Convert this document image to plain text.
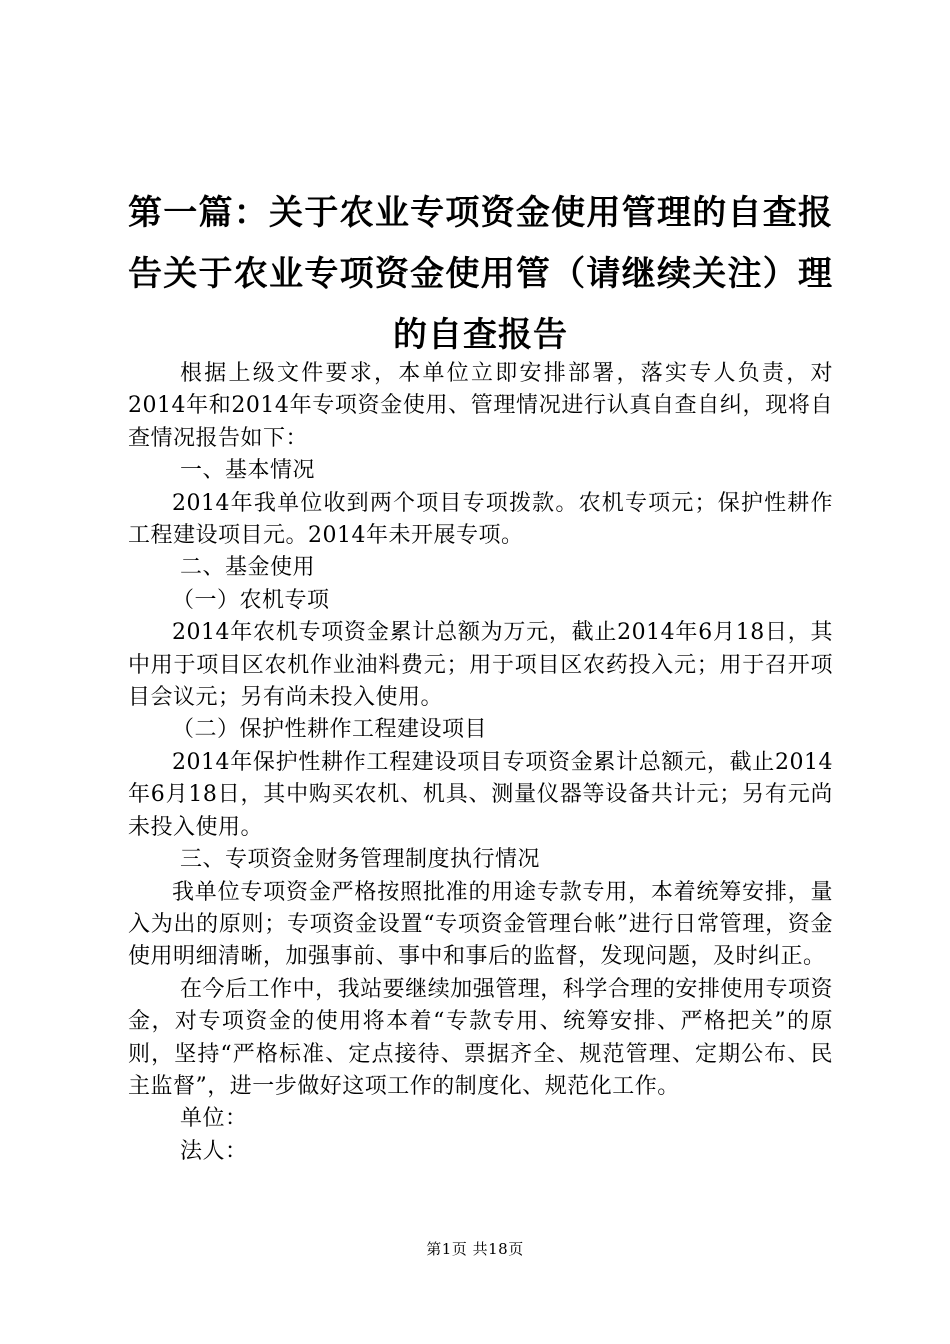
第一篇：关于农业专项资金使用管理的自查报告关于农业专项资金使用管（请继续关注）理的自查报告

根据上级文件要求，本单位立即安排部署，落实专人负责，对2014年和2014年专项资金使用、管理情况进行认真自查自纠，现将自查情况报告如下：

一、基本情况

2014年我单位收到两个项目专项拨款。农机专项元；保护性耕作工程建设项目元。2014年未开展专项。

二、基金使用

（一）农机专项

2014年农机专项资金累计总额为万元，截止2014年6月18日，其中用于项目区农机作业油料费元；用于项目区农药投入元；用于召开项目会议元；另有尚未投入使用。

（二）保护性耕作工程建设项目

2014年保护性耕作工程建设项目专项资金累计总额元，截止2014年6月18日，其中购买农机、机具、测量仪器等设备共计元；另有元尚未投入使用。

三、专项资金财务管理制度执行情况

我单位专项资金严格按照批准的用途专款专用，本着统筹安排，量入为出的原则；专项资金设置“专项资金管理台帐”进行日常管理，资金使用明细清晰，加强事前、事中和事后的监督，发现问题，及时纠正。

在今后工作中，我站要继续加强管理，科学合理的安排使用专项资金，对专项资金的使用将本着“专款专用、统筹安排、严格把关”的原则，坚持“严格标准、定点接待、票据齐全、规范管理、定期公布、民主监督”，进一步做好这项工作的制度化、规范化工作。

单位：

法人：

第1页 共18页
